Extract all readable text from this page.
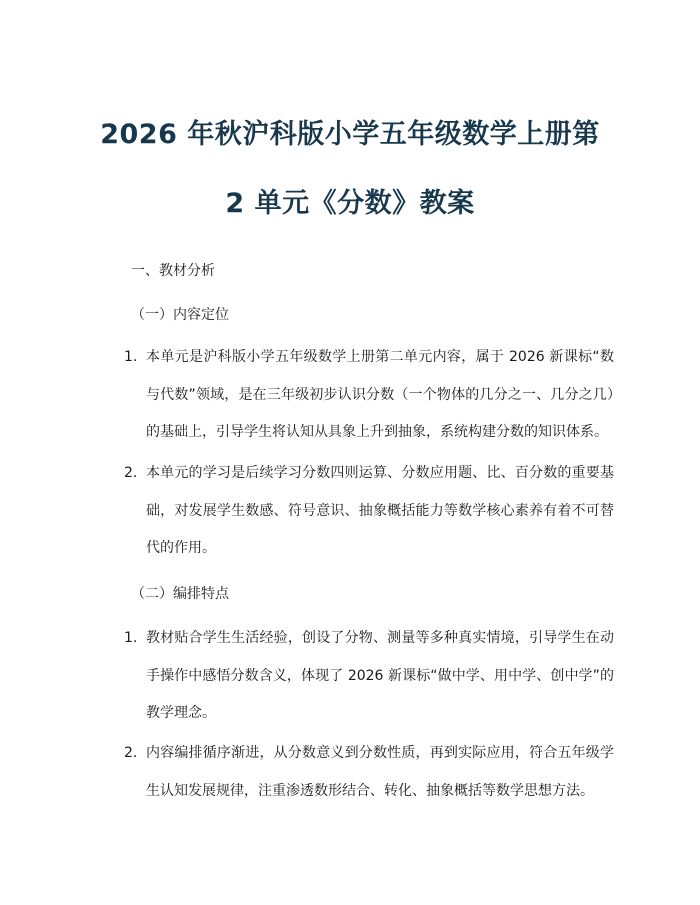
2026 年秋沪科版小学五年级数学上册第
2 单元《分数》教案

一、教材分析

（一）内容定位

1. 本单元是沪科版小学五年级数学上册第二单元内容，属于 2026 新课标“数与代数”领域，是在三年级初步认识分数（一个物体的几分之一、几分之几）的基础上，引导学生将认知从具象上升到抽象，系统构建分数的知识体系。
2. 本单元的学习是后续学习分数四则运算、分数应用题、比、百分数的重要基础，对发展学生数感、符号意识、抽象概括能力等数学核心素养有着不可替代的作用。

（二）编排特点

1. 教材贴合学生生活经验，创设了分物、测量等多种真实情境，引导学生在动手操作中感悟分数含义，体现了 2026 新课标“做中学、用中学、创中学”的教学理念。
2. 内容编排循序渐进，从分数意义到分数性质，再到实际应用，符合五年级学生认知发展规律，注重渗透数形结合、转化、抽象概括等数学思想方法。
